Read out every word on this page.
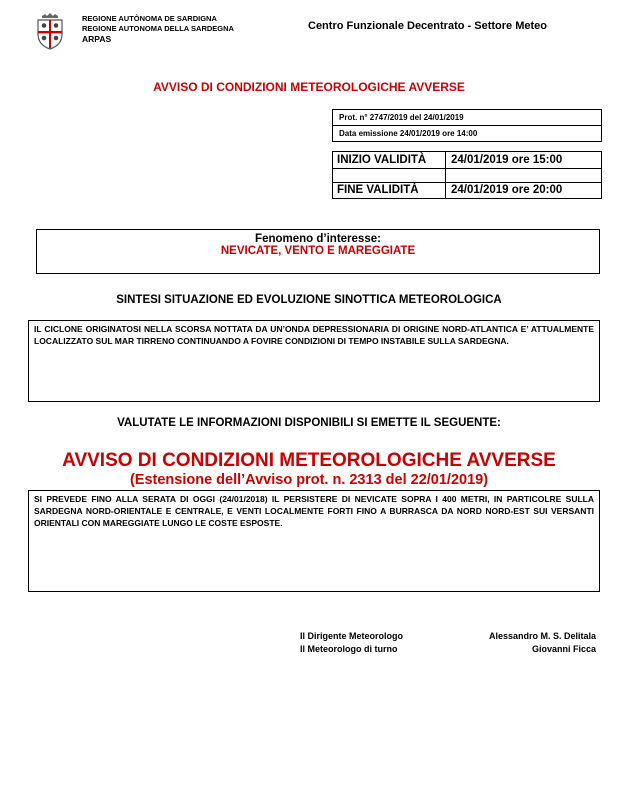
REGIONE AUTÒNOMA DE SARDIGNA
REGIONE AUTONOMA DELLA SARDEGNA
ARPAS
Centro Funzionale Decentrato - Settore Meteo
AVVISO DI CONDIZIONI METEOROLOGICHE AVVERSE
Prot. n° 2747/2019 del 24/01/2019
Data emissione 24/01/2019 ore 14:00
INIZIO VALIDITÀ 24/01/2019 ore 15:00
FINE VALIDITÀ	24/01/2019 ore 20:00
Fenomeno d’interesse:
NEVICATE, VENTO E MAREGGIATE
SINTESI SITUAZIONE ED EVOLUZIONE SINOTTICA METEOROLOGICA

IL CICLONE ORIGINATOSI NELLA SCORSA NOTTATA DA UN’ONDA DEPRESSIONARIA DI ORIGINE NORD-ATLANTICA E’ ATTUALMENTE LOCALIZZATO SUL MAR TIRRENO CONTINUANDO A FOVIRE CONDIZIONI DI TEMPO INSTABILE SULLA SARDEGNA.

VALUTATE LE INFORMAZIONI DISPONIBILI SI EMETTE IL SEGUENTE:
AVVISO DI CONDIZIONI METEOROLOGICHE AVVERSE
(Estensione dell’Avviso prot. n. 2313 del 22/01/2019)

SI PREVEDE FINO ALLA SERATA DI OGGI (24/01/2018) IL PERSISTERE DI NEVICATE SOPRA I 400 METRI, IN PARTICOLRE SULLA SARDEGNA NORD-ORIENTALE E CENTRALE, E VENTI LOCALMENTE FORTI FINO A BURRASCA DA NORD NORD-EST SUI VERSANTI ORIENTALI CON MAREGGIATE LUNGO LE COSTE ESPOSTE.

Il Dirigente Meteorologo
Il Meteorologo di turno
Alessandro M. S. Delitala
Giovanni Ficca
